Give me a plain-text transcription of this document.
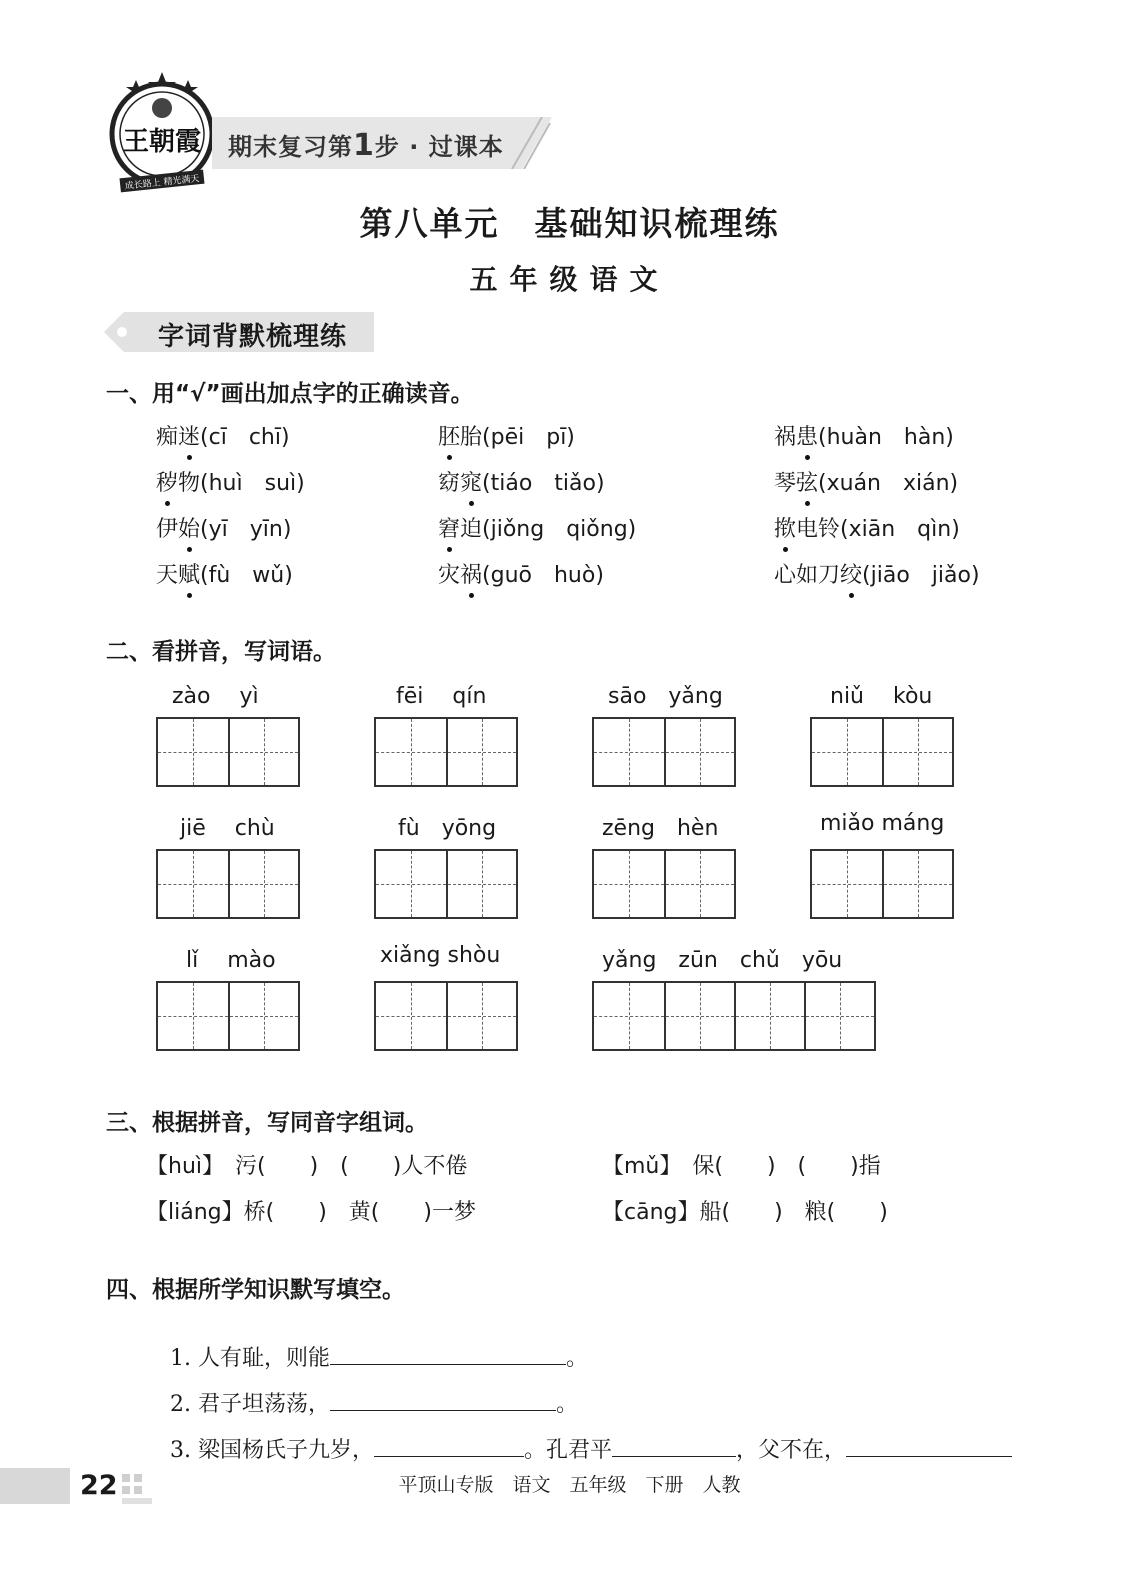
王朝霞
成长路上 精光满天
期末复习第1步 · 过课本
第八单元　基础知识梳理练
五年级语文
字词背默梳理练
一、用“√”画出加点字的正确读音。
痴迷(cī　chī)	胚胎(pēi　pī)	祸患(huàn　hàn)
秽物(huì　suì)	窈窕(tiáo　tiǎo)	琴弦(xuán　xián)
伊始(yī　yīn)	窘迫(jiǒng　qiǒng)	揿电铃(xiān　qìn)
天赋(fù　wǔ)	灾祸(guō　huò)	心如刀绞(jiāo　jiǎo)
二、看拼音，写词语。
zào　 yì	fēi　 qín	sāo　yǎng	niǔ　 kòu
jiē　 chù	fù　yōng	zēng　hèn	miǎo máng
lǐ　 mào	xiǎng shòu	yǎng　zūn　chǔ　yōu
三、根据拼音，写同音字组词。
【huì】　污(　　)　(　　)人不倦	【mǔ】　保(　　)　(　　)指
【liáng】桥(　　)　黄(　　)一梦	【cāng】船(　　)　粮(　　)
四、根据所学知识默写填空。

1. 人有耻，则能	。

2. 君子坦荡荡，	。

3. 梁国杨氏子九岁，	。孔君平	，父不在，

22	平顶山专版　语文　五年级　下册　人教
